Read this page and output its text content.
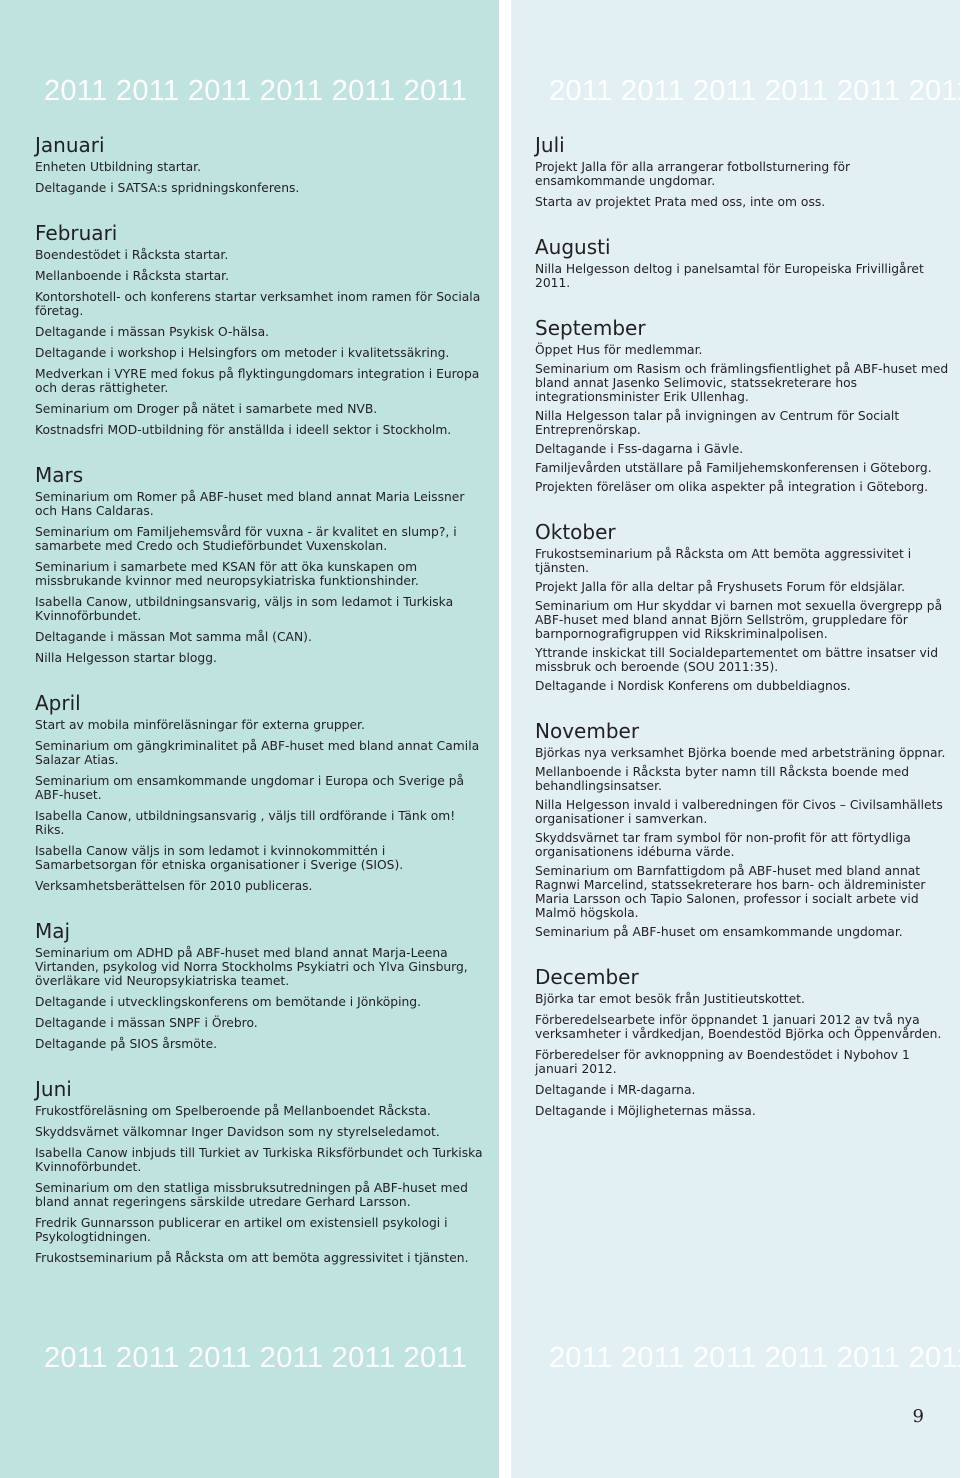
2011 2011 2011 2011 2011 2011
Januari

Enheten Utbildning startar.

Deltagande i SATSA:s spridningskonferens.

Februari

Boendestödet i Råcksta startar.

Mellanboende i Råcksta startar.

Kontorshotell- och konferens startar verksamhet inom ramen för Sociala företag.

Deltagande i mässan Psykisk O-hälsa.

Deltagande i workshop i Helsingfors om metoder i kvalitetssäkring.

Medverkan i VYRE med fokus på flyktingungdomars integration i Europa och deras rättigheter.

Seminarium om Droger på nätet i samarbete med NVB.

Kostnadsfri MOD-utbildning för anställda i ideell sektor i Stockholm.

Mars

Seminarium om Romer på ABF-huset med bland annat Maria Leissner och Hans Caldaras.

Seminarium om Familjehemsvård för vuxna - är kvalitet en slump?, i samarbete med Credo och Studieförbundet Vuxenskolan.

Seminarium i samarbete med KSAN för att öka kunskapen om missbrukande kvinnor med neuropsykiatriska funktionshinder.

Isabella Canow, utbildningsansvarig, väljs in som ledamot i Turkiska Kvinnoförbundet.

Deltagande i mässan Mot samma mål (CAN).

Nilla Helgesson startar blogg.

April

Start av mobila minföreläsningar för externa grupper.

Seminarium om gängkriminalitet på ABF-huset med bland annat Camila Salazar Atias.

Seminarium om ensamkommande ungdomar i Europa och Sverige på ABF-huset.

Isabella Canow, utbildningsansvarig , väljs till ordförande i Tänk om! Riks.

Isabella Canow väljs in som ledamot i kvinnokommittén i Samarbetsorgan för etniska organisationer i Sverige (SIOS).

Verksamhetsberättelsen för 2010 publiceras.

Maj

Seminarium om ADHD på ABF-huset med bland annat Marja-Leena Virtanden, psykolog vid Norra Stockholms Psykiatri och Ylva Ginsburg, överläkare vid Neuropsykiatriska teamet.

Deltagande i utvecklingskonferens om bemötande i Jönköping.

Deltagande i mässan SNPF i Örebro.

Deltagande på SIOS årsmöte.

Juni

Frukostföreläsning om Spelberoende på Mellanboendet Råcksta.

Skyddsvärnet välkomnar Inger Davidson som ny styrelseledamot.

Isabella Canow inbjuds till Turkiet av Turkiska Riksförbundet och Turkiska Kvinnoförbundet.

Seminarium om den statliga missbruksutredningen på ABF-huset med bland annat regeringens särskilde utredare Gerhard Larsson.

Fredrik Gunnarsson publicerar en artikel om existensiell psykologi i Psykologtidningen.

Frukostseminarium på Råcksta om att bemöta aggressivitet i tjänsten.

2011 2011 2011 2011 2011 2011
2011 2011 2011 2011 2011 2011
Juli

Projekt Jalla för alla arrangerar fotbollsturnering för ensamkommande ungdomar.

Starta av projektet Prata med oss, inte om oss.

Augusti

Nilla Helgesson deltog i panelsamtal för Europeiska Frivilligåret 2011.

September

Öppet Hus för medlemmar.

Seminarium om Rasism och främlingsfientlighet på ABF-huset med bland annat Jasenko Selimovic, statssekreterare hos integrationsminister Erik Ullenhag.

Nilla Helgesson talar på invigningen av Centrum för Socialt Entreprenörskap.

Deltagande i Fss-dagarna i Gävle.

Familjevården utställare på Familjehemskonferensen i Göteborg.

Projekten föreläser om olika aspekter på integration i Göteborg.

Oktober

Frukostseminarium på Råcksta om Att bemöta aggressivitet i tjänsten.

Projekt Jalla för alla deltar på Fryshusets Forum för eldsjälar.

Seminarium om Hur skyddar vi barnen mot sexuella övergrepp på ABF-huset med bland annat Björn Sellström, gruppledare för barnpornografigruppen vid Rikskriminalpolisen.

Yttrande inskickat till Socialdepartementet om bättre insatser vid missbruk och beroende (SOU 2011:35).

Deltagande i Nordisk Konferens om dubbeldiagnos.

November

Björkas nya verksamhet Björka boende med arbetsträning öppnar.

Mellanboende i Råcksta byter namn till Råcksta boende med behandlingsinsatser.

Nilla Helgesson invald i valberedningen för Civos – Civilsamhällets organisationer i samverkan.

Skyddsvärnet tar fram symbol för non-profit för att förtydliga organisationens idéburna värde.

Seminarium om Barnfattigdom på ABF-huset med bland annat Ragnwi Marcelind, statssekreterare hos barn- och äldreminister Maria Larsson och Tapio Salonen, professor i socialt arbete vid Malmö högskola.

Seminarium på ABF-huset om ensamkommande ungdomar.

December

Björka tar emot besök från Justitieutskottet.

Förberedelsearbete inför öppnandet 1 januari 2012 av två nya verksamheter i vårdkedjan, Boendestöd Björka och Öppenvården.

Förberedelser för avknoppning av Boendestödet i Nybohov 1 januari 2012.

Deltagande i MR-dagarna.

Deltagande i Möjligheternas mässa.

2011 2011 2011 2011 2011 2011
9
